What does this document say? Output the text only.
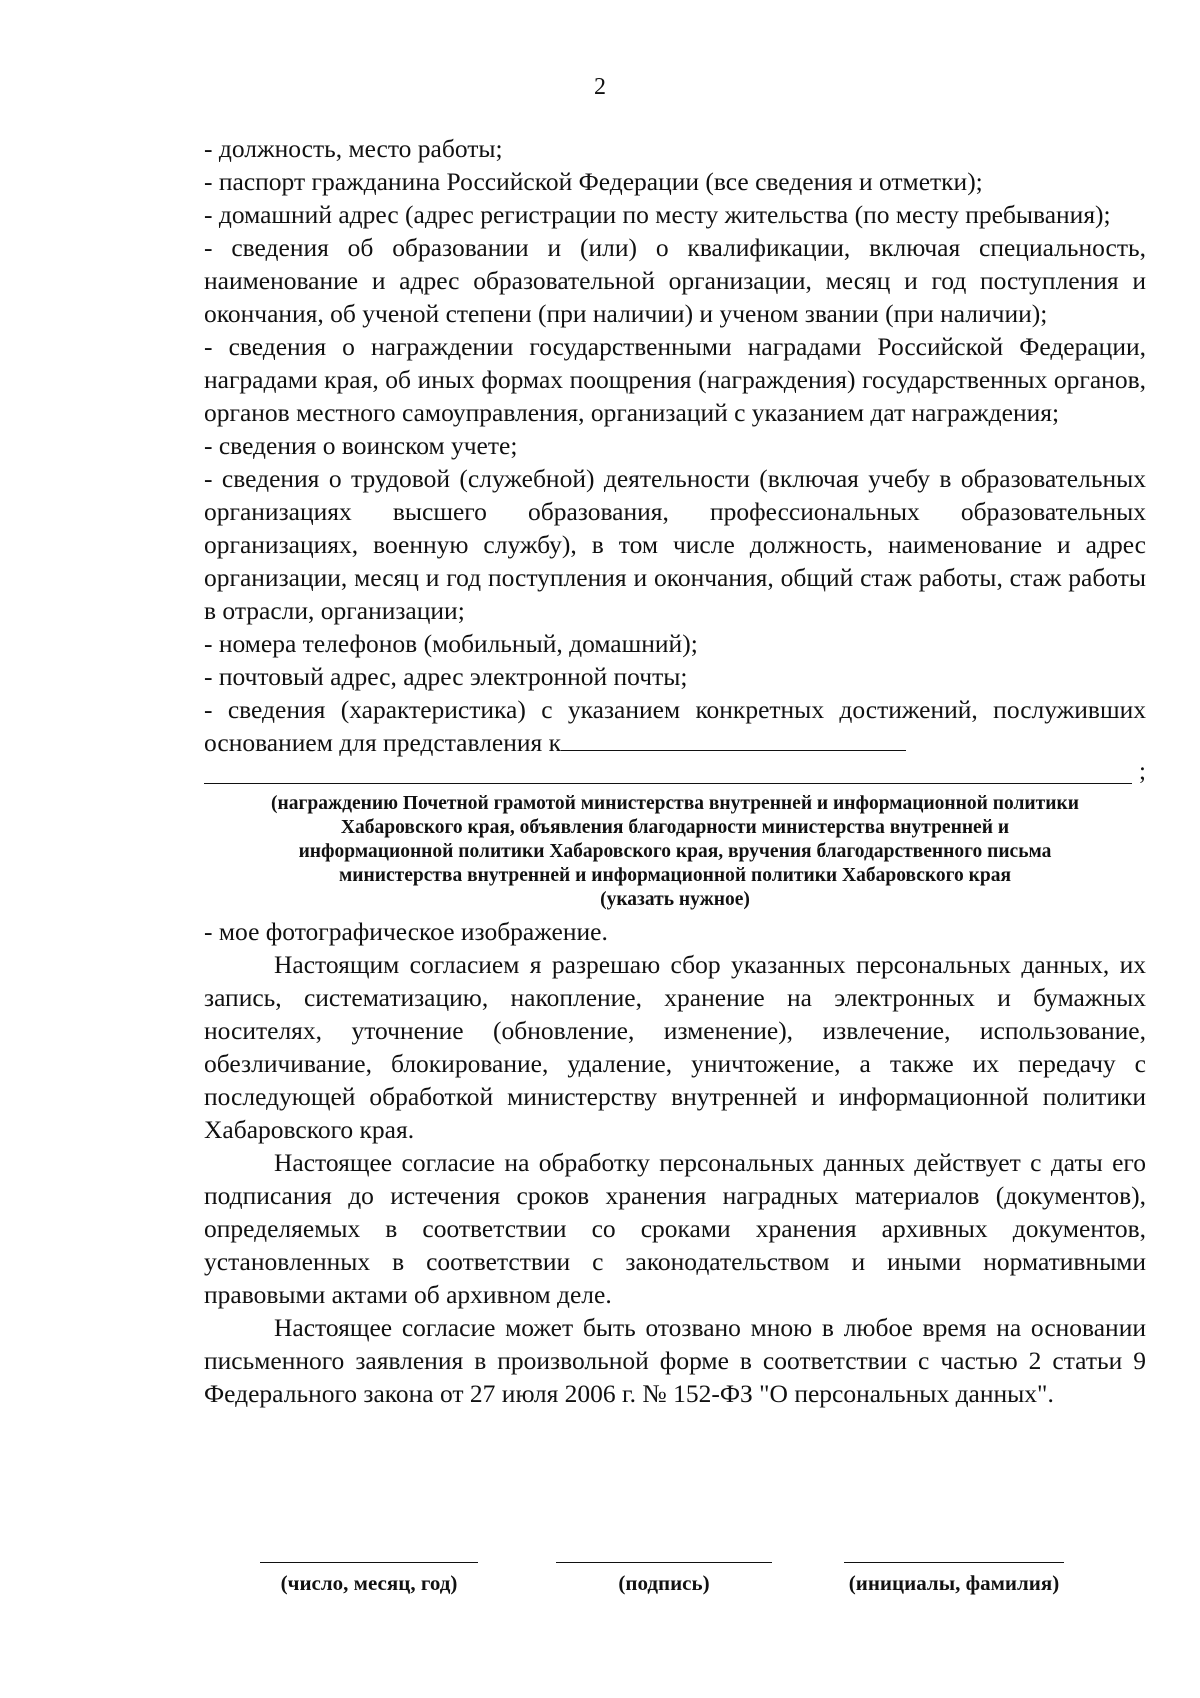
2

- должность, место работы;

- паспорт гражданина Российской Федерации (все сведения и отметки);

- домашний адрес (адрес регистрации по месту жительства (по месту пребывания);

- сведения об образовании и (или) о квалификации, включая специальность, наименование и адрес образовательной организации, месяц и год поступления и окончания, об ученой степени (при наличии) и ученом звании (при наличии);

- сведения о награждении государственными наградами Российской Федерации, наградами края, об иных формах поощрения (награждения) государственных органов, органов местного самоуправления, организаций с указанием дат награждения;

- сведения о воинском учете;

- сведения о трудовой (служебной) деятельности (включая учебу в образовательных организациях высшего образования, профессиональных образовательных организациях, военную службу), в том числе должность, наименование и адрес организации, месяц и год поступления и окончания, общий стаж работы, стаж работы в отрасли, организации;

- номера телефонов (мобильный, домашний);

- почтовый адрес, адрес электронной почты;

- сведения (характеристика) с указанием конкретных достижений, послуживших основанием для представления к

;
(награждению Почетной грамотой министерства внутренней и информационной политики
Хабаровского края, объявления благодарности министерства внутренней и
информационной политики Хабаровского края, вручения благодарственного письма
министерства внутренней и информационной политики Хабаровского края
(указать нужное)

- мое фотографическое изображение.

Настоящим согласием я разрешаю сбор указанных персональных данных, их запись, систематизацию, накопление, хранение на электронных и бумажных носителях, уточнение (обновление, изменение), извлечение, использование, обезличивание, блокирование, удаление, уничтожение, а также их передачу с последующей обработкой министерству внутренней и информационной политики Хабаровского края.

Настоящее согласие на обработку персональных данных действует с даты его подписания до истечения сроков хранения наградных материалов (документов), определяемых в соответствии со сроками хранения архивных документов, установленных в соответствии с законодательством и иными нормативными правовыми актами об архивном деле.

Настоящее согласие может быть отозвано мною в любое время на основании письменного заявления в произвольной форме в соответствии с частью 2 статьи 9 Федерального закона от 27 июля 2006 г. № 152-ФЗ "О персональных данных".

(число, месяц, год)	(подпись)	(инициалы, фамилия)
